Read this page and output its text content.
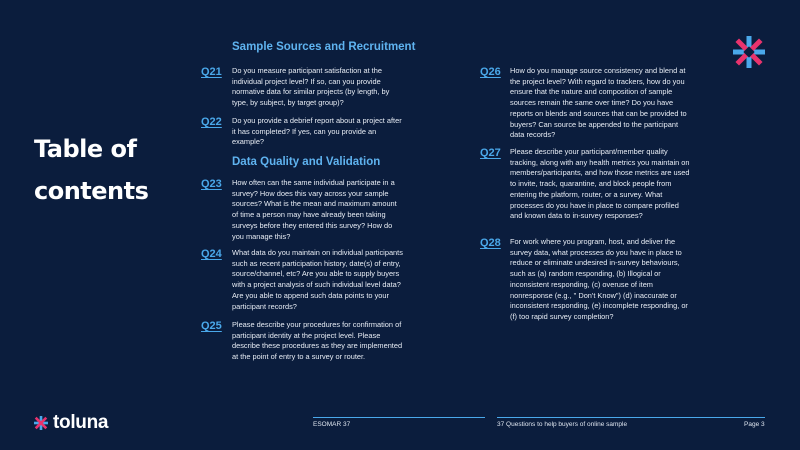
Table of
contents
Sample Sources and Recruitment
Q21 Do you measure participant satisfaction at the individual project level? If so, can you provide normative data for similar projects (by length, by type, by subject, by target group)?
Q22 Do you provide a debrief report about a project after it has completed? If yes, can you provide an example?
Data Quality and Validation
Q23 How often can the same individual participate in a survey? How does this vary across your sample sources? What is the mean and maximum amount of time a person may have already been taking surveys before they entered this survey? How do you manage this?
Q24 What data do you maintain on individual participants such as recent participation history, date(s) of entry, source/channel, etc? Are you able to supply buyers with a project analysis of such individual level data? Are you able to append such data points to your participant records?
Q25 Please describe your procedures for confirmation of participant identity at the project level. Please describe these procedures as they are implemented at the point of entry to a survey or router.
Q26 How do you manage source consistency and blend at the project level? With regard to trackers, how do you ensure that the nature and composition of sample sources remain the same over time? Do you have reports on blends and sources that can be provided to buyers? Can source be appended to the participant data records?
Q27 Please describe your participant/member quality tracking, along with any health metrics you maintain on members/participants, and how those metrics are used to invite, track, quarantine, and block people from entering the platform, router, or a survey. What processes do you have in place to compare profiled and known data to in-survey responses?
Q28 For work where you program, host, and deliver the survey data, what processes do you have in place to reduce or eliminate undesired in-survey behaviours, such as (a) random responding, (b) Illogical or inconsistent responding, (c) overuse of item nonresponse (e.g., " Don't Know") (d) inaccurate or inconsistent responding, (e) incomplete responding, or (f) too rapid survey completion?
toluna	ESOMAR 37	37 Questions to help buyers of online sample	Page 3
